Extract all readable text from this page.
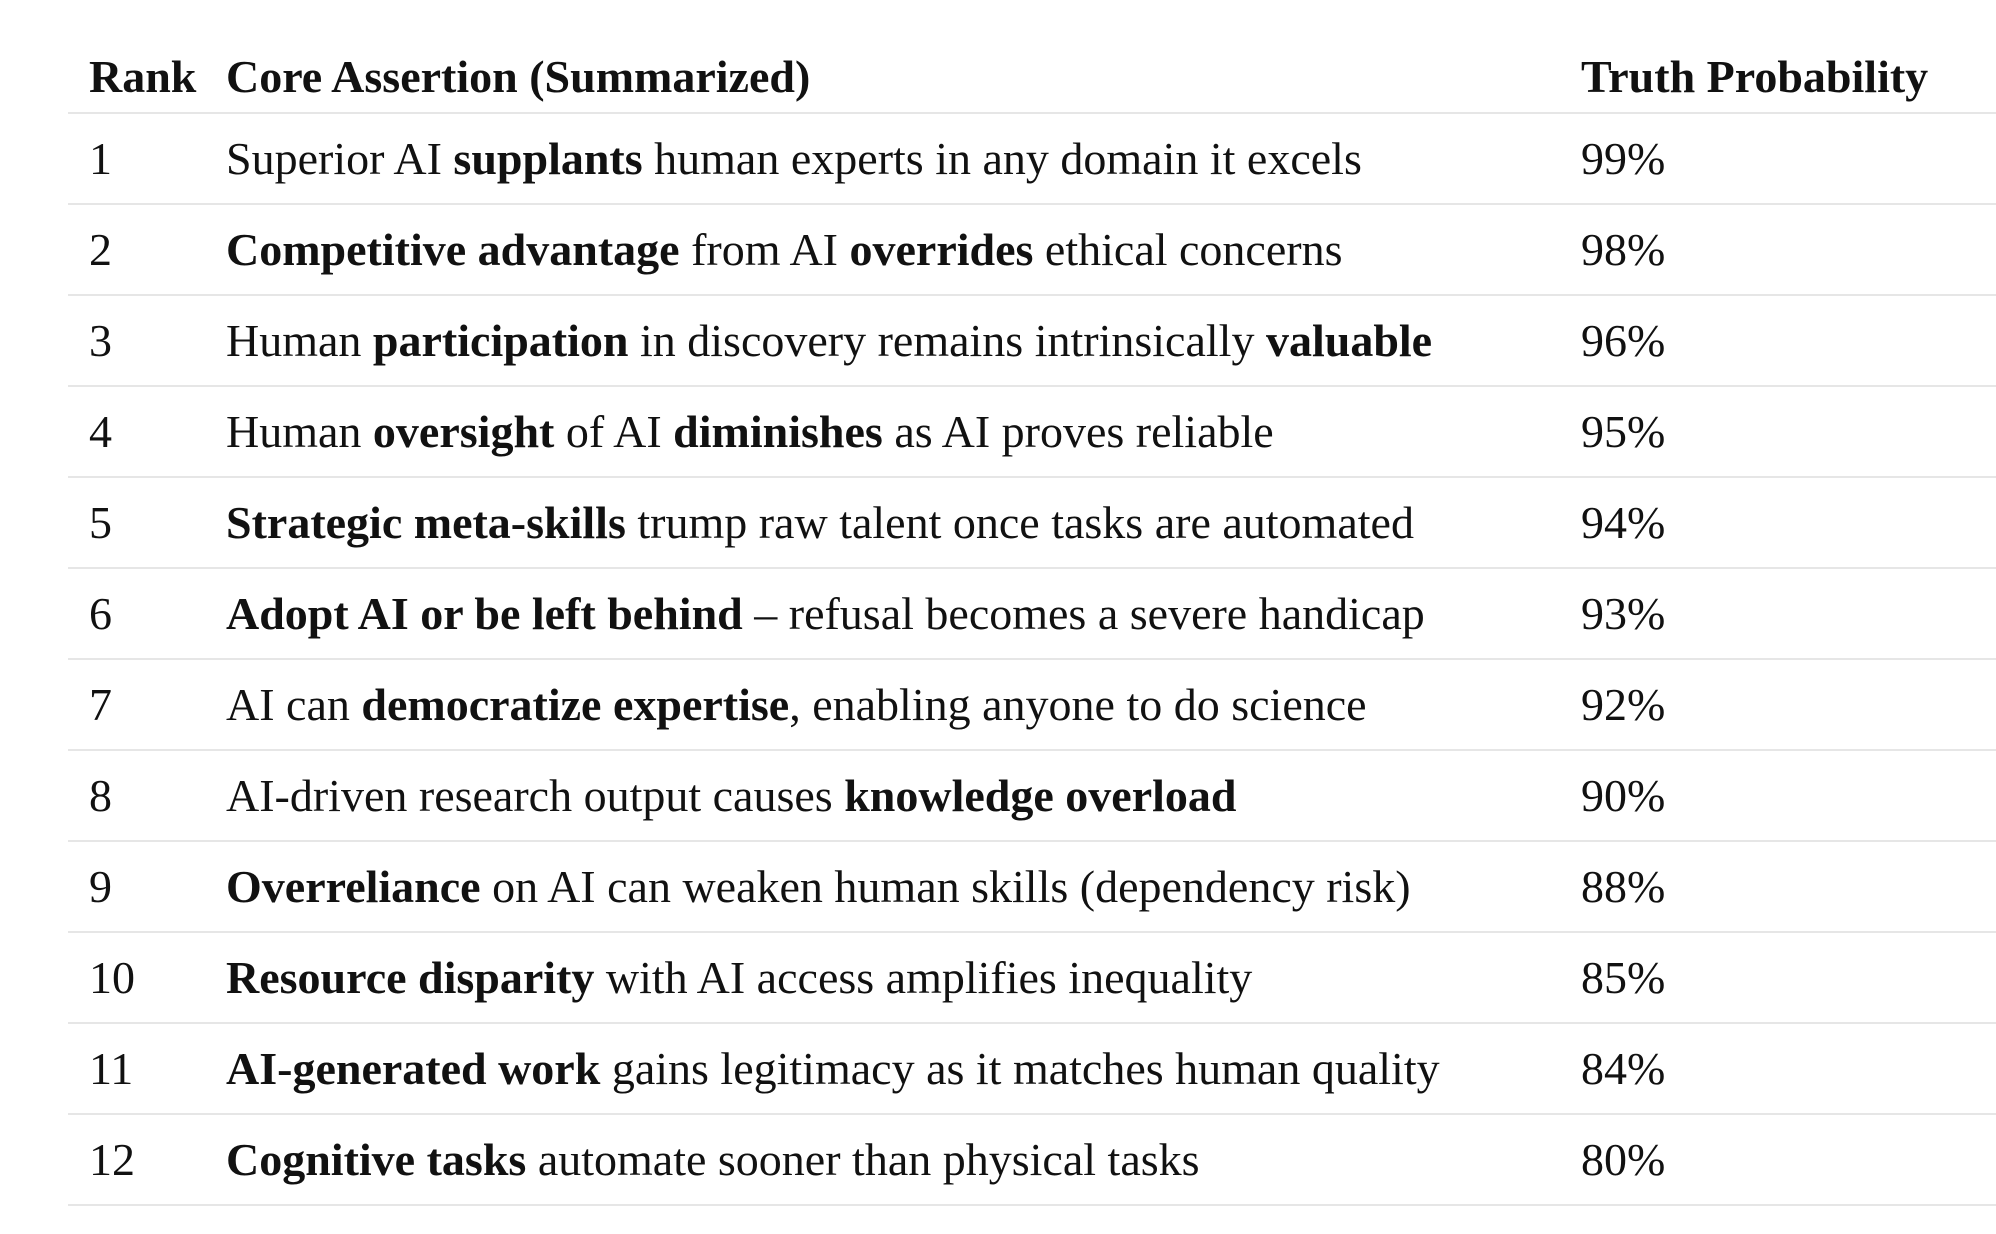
Rank	Core Assertion (Summarized)	Truth Probability
1	Superior AI supplants human experts in any domain it excels	99%
2	Competitive advantage from AI overrides ethical concerns	98%
3	Human participation in discovery remains intrinsically valuable	96%
4	Human oversight of AI diminishes as AI proves reliable	95%
5	Strategic meta-skills trump raw talent once tasks are automated	94%
6	Adopt AI or be left behind – refusal becomes a severe handicap	93%
7	AI can democratize expertise, enabling anyone to do science	92%
8	AI-driven research output causes knowledge overload	90%
9	Overreliance on AI can weaken human skills (dependency risk)	88%
10	Resource disparity with AI access amplifies inequality	85%
11	AI-generated work gains legitimacy as it matches human quality	84%
12	Cognitive tasks automate sooner than physical tasks	80%
